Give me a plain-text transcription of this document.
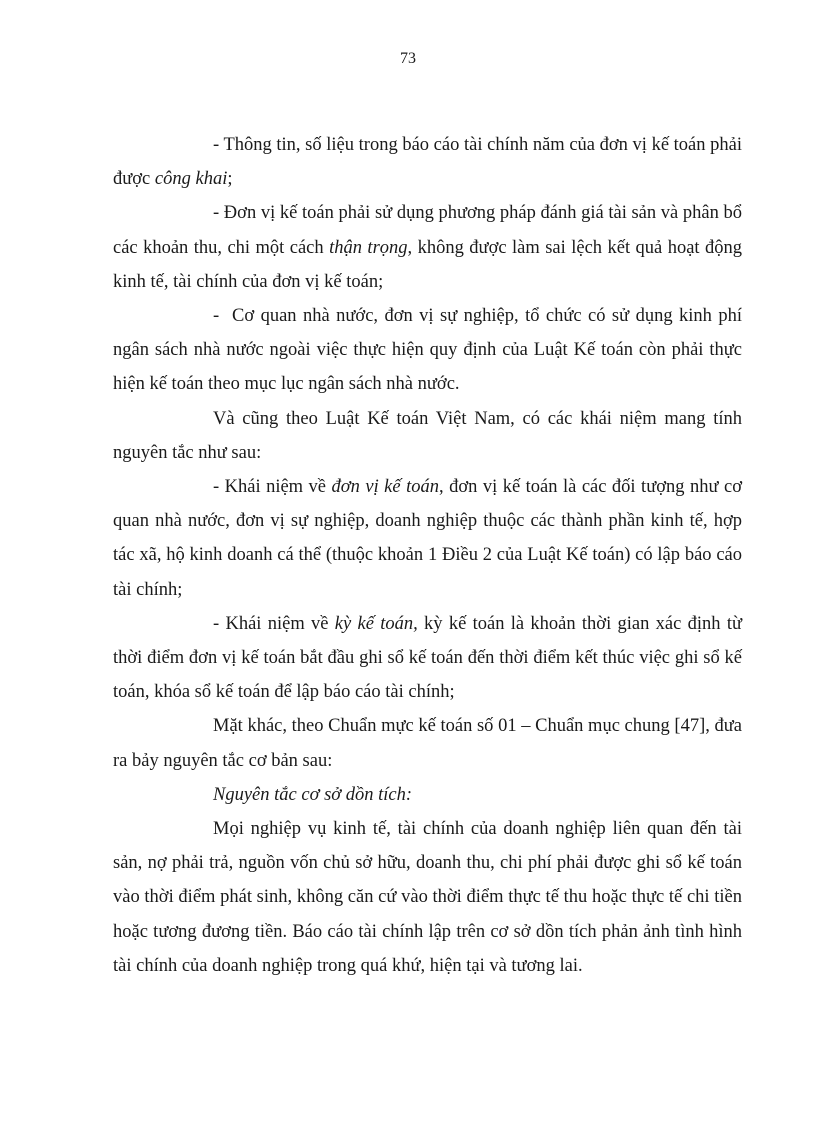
73

- Thông tin, số liệu trong báo cáo tài chính năm của đơn vị kế toán phải được công khai;

- Đơn vị kế toán phải sử dụng phương pháp đánh giá tài sản và phân bổ các khoản thu, chi một cách thận trọng, không được làm sai lệch kết quả hoạt động kinh tế, tài chính của đơn vị kế toán;

-  Cơ quan nhà nước, đơn vị sự nghiệp, tổ chức có sử dụng kinh phí ngân sách nhà nước ngoài việc thực hiện quy định của Luật Kế toán còn phải thực hiện kế toán theo mục lục ngân sách nhà nước.

Và cũng theo Luật Kế toán Việt Nam, có các khái niệm mang tính nguyên tắc như sau:

- Khái niệm về đơn vị kế toán, đơn vị kế toán là các đối tượng như cơ quan nhà nước, đơn vị sự nghiệp, doanh nghiệp thuộc các thành phần kinh tế, hợp tác xã, hộ kinh doanh cá thể (thuộc khoản 1 Điều 2 của Luật Kế toán) có lập báo cáo tài chính;

- Khái niệm về kỳ kế toán, kỳ kế toán là khoản thời gian xác định từ thời điểm đơn vị kế toán bắt đầu ghi sổ kế toán đến thời điểm kết thúc việc ghi sổ kế toán, khóa sổ kế toán để lập báo cáo tài chính;

Mặt khác, theo Chuẩn mực kế toán số 01 – Chuẩn mục chung [47], đưa ra bảy nguyên tắc cơ bản sau:

Nguyên tắc cơ sở dồn tích:

Mọi nghiệp vụ kinh tế, tài chính của doanh nghiệp liên quan đến tài sản, nợ phải trả, nguồn vốn chủ sở hữu, doanh thu, chi phí phải được ghi sổ kế toán vào thời điểm phát sinh, không căn cứ vào thời điểm thực tế thu hoặc thực tế chi tiền hoặc tương đương tiền. Báo cáo tài chính lập trên cơ sở dồn tích phản ảnh tình hình tài chính của doanh nghiệp trong quá khứ, hiện tại và tương lai.
